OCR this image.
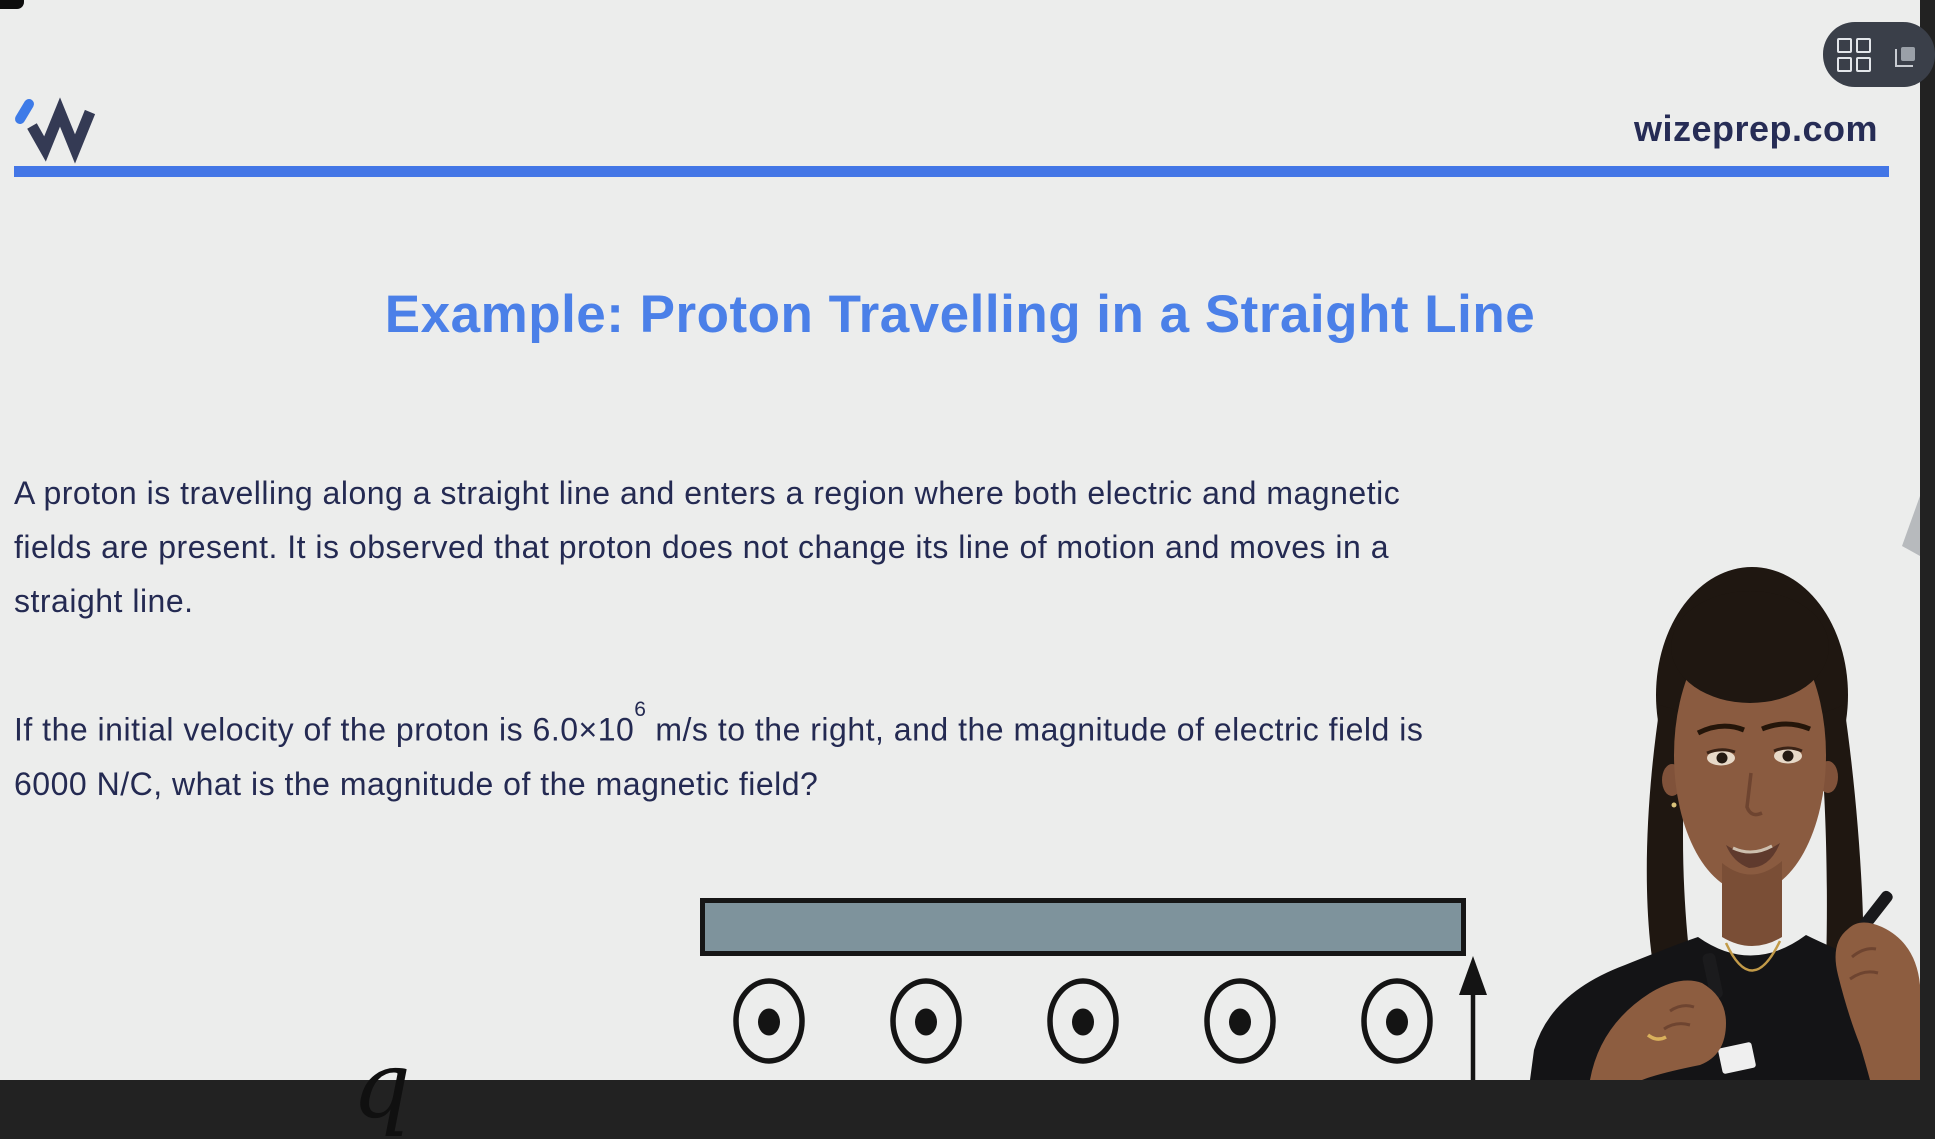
wizeprep.com
Example: Proton Travelling in a Straight Line
A proton is travelling along a straight line and enters a region where both electric and magnetic
fields are present. It is observed that proton does not change its line of motion and moves in a
straight line.
If the initial velocity of the proton is $6.0\times 10^6$ m/s to the right, and the magnitude of electric field is
6000 N/C, what is the magnitude of the magnetic field?
q
